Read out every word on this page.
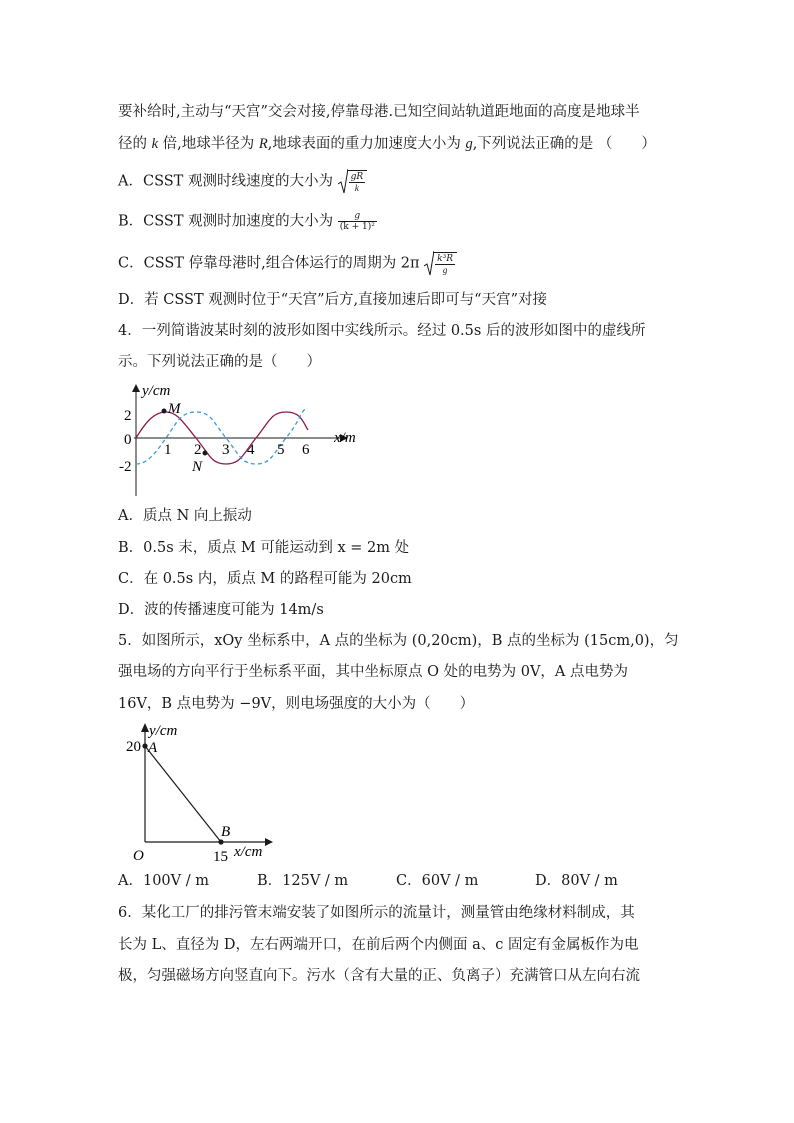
要补给时,主动与“天宫”交会对接,停靠母港.已知空间站轨道距地面的高度是地球半
径的 k 倍,地球半径为 R,地球表面的重力加速度大小为 g,下列说法正确的是 （　　）
A．CSST 观测时线速度的大小为 $\frac{gR}{k}$
B．CSST 观测时加速度的大小为 $\frac{g}{\text{(k + 1)²}}$
C．CSST 停靠母港时,组合体运行的周期为 $2\pi \frac{\text{k³R}}{g}$
D．若 CSST 观测时位于“天宫”后方,直接加速后即可与“天宫”对接
4．一列简谐波某时刻的波形如图中实线所示。经过 0.5s 后的波形如图中的虚线所
示。下列说法正确的是（　　）
y/cm
x/m
M
N
2
0
-2
1 2 3 4 5 6
A．质点 N 向上振动
B．0.5s 末，质点 M 可能运动到 x = 2m 处
C．在 0.5s 内，质点 M 的路程可能为 20cm
D．波的传播速度可能为 14m/s
5．如图所示，xOy 坐标系中，A 点的坐标为 (0,20cm)，B 点的坐标为 (15cm,0)，匀
强电场的方向平行于坐标系平面，其中坐标原点 O 处的电势为 0V，A 点电势为
16V，B 点电势为 −9V，则电场强度的大小为（　　）
y/cm
x/cm
O
A
B
20
15
A．100V / m	B．125V / m	C．60V / m	D．80V / m
6．某化工厂的排污管末端安装了如图所示的流量计，测量管由绝缘材料制成，其
长为 L、直径为 D，左右两端开口，在前后两个内侧面 a、c 固定有金属板作为电
极，匀强磁场方向竖直向下。污水（含有大量的正、负离子）充满管口从左向右流
